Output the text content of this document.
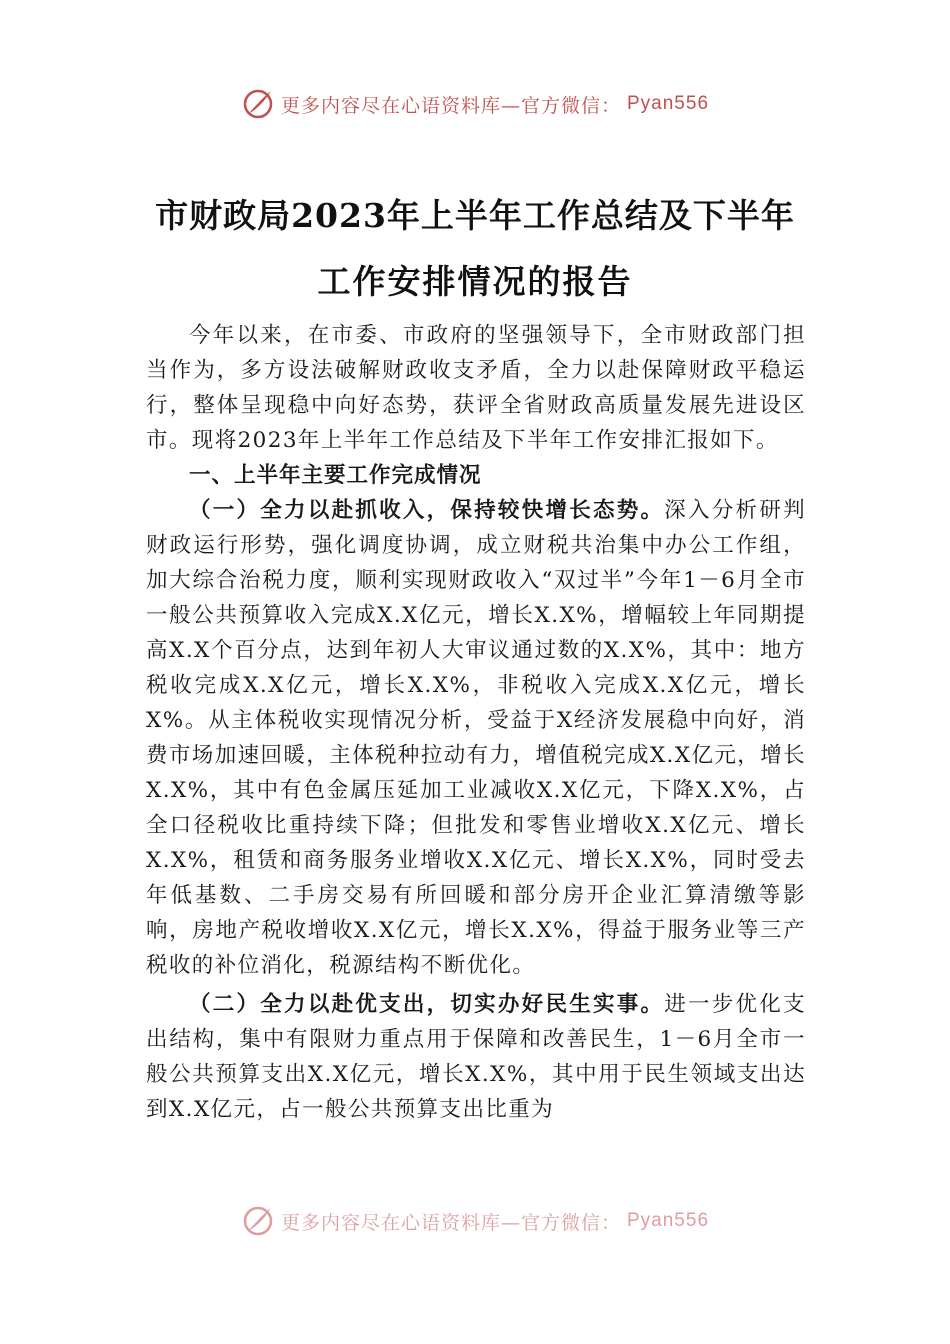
更多内容尽在心语资料库—官方微信： Pyan556
市财政局2023年上半年工作总结及下半年
工作安排情况的报告

今年以来，在市委、市政府的坚强领导下，全市财政部门担当作为，多方设法破解财政收支矛盾，全力以赴保障财政平稳运行，整体呈现稳中向好态势，获评全省财政高质量发展先进设区市。现将2023年上半年工作总结及下半年工作安排汇报如下。

一、上半年主要工作完成情况

（一）全力以赴抓收入，保持较快增长态势。深入分析研判财政运行形势，强化调度协调，成立财税共治集中办公工作组，加大综合治税力度，顺利实现财政收入“双过半”今年1－6月全市一般公共预算收入完成X.X亿元，增长X.X%，增幅较上年同期提高X.X个百分点，达到年初人大审议通过数的X.X%，其中：地方税收完成X.X亿元，增长X.X%，非税收入完成X.X亿元，增长X%。从主体税收实现情况分析，受益于X经济发展稳中向好，消费市场加速回暖，主体税种拉动有力，增值税完成X.X亿元，增长X.X%，其中有色金属压延加工业减收X.X亿元，下降X.X%，占全口径税收比重持续下降；但批发和零售业增收X.X亿元、增长X.X%，租赁和商务服务业增收X.X亿元、增长X.X%，同时受去年低基数、二手房交易有所回暖和部分房开企业汇算清缴等影响，房地产税收增收X.X亿元，增长X.X%，得益于服务业等三产税收的补位消化，税源结构不断优化。

（二）全力以赴优支出，切实办好民生实事。进一步优化支出结构，集中有限财力重点用于保障和改善民生，1－6月全市一般公共预算支出X.X亿元，增长X.X%，其中用于民生领域支出达到X.X亿元，占一般公共预算支出比重为

更多内容尽在心语资料库—官方微信： Pyan556
